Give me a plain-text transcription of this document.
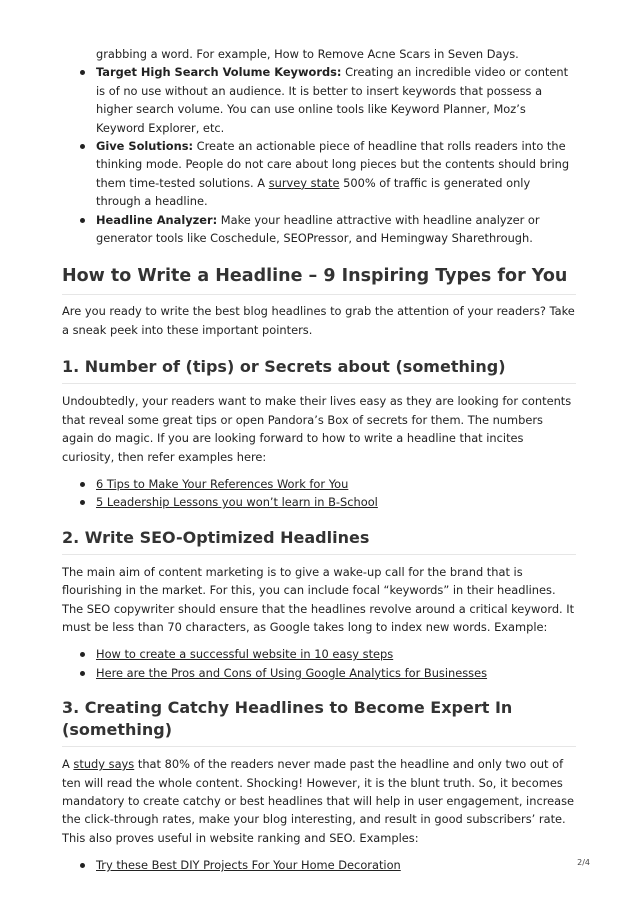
grabbing a word. For example, How to Remove Acne Scars in Seven Days.
Target High Search Volume Keywords: Creating an incredible video or content is of no use without an audience. It is better to insert keywords that possess a higher search volume. You can use online tools like Keyword Planner, Moz’s Keyword Explorer, etc.
Give Solutions: Create an actionable piece of headline that rolls readers into the thinking mode. People do not care about long pieces but the contents should bring them time-tested solutions. A survey state 500% of traffic is generated only through a headline.
Headline Analyzer: Make your headline attractive with headline analyzer or generator tools like Coschedule, SEOPressor, and Hemingway Sharethrough.
How to Write a Headline – 9 Inspiring Types for You

Are you ready to write the best blog headlines to grab the attention of your readers? Take a sneak peek into these important pointers.

1. Number of (tips) or Secrets about (something)

Undoubtedly, your readers want to make their lives easy as they are looking for contents that reveal some great tips or open Pandora’s Box of secrets for them. The numbers again do magic. If you are looking forward to how to write a headline that incites curiosity, then refer examples here:

6 Tips to Make Your References Work for You
5 Leadership Lessons you won’t learn in B-School
2. Write SEO-Optimized Headlines

The main aim of content marketing is to give a wake-up call for the brand that is flourishing in the market. For this, you can include focal “keywords” in their headlines. The SEO copywriter should ensure that the headlines revolve around a critical keyword. It must be less than 70 characters, as Google takes long to index new words. Example:

How to create a successful website in 10 easy steps
Here are the Pros and Cons of Using Google Analytics for Businesses
3. Creating Catchy Headlines to Become Expert In (something)

A study says that 80% of the readers never made past the headline and only two out of ten will read the whole content. Shocking! However, it is the blunt truth. So, it becomes mandatory to create catchy or best headlines that will help in user engagement, increase the click-through rates, make your blog interesting, and result in good subscribers’ rate. This also proves useful in website ranking and SEO. Examples:

Try these Best DIY Projects For Your Home Decoration	2/4
